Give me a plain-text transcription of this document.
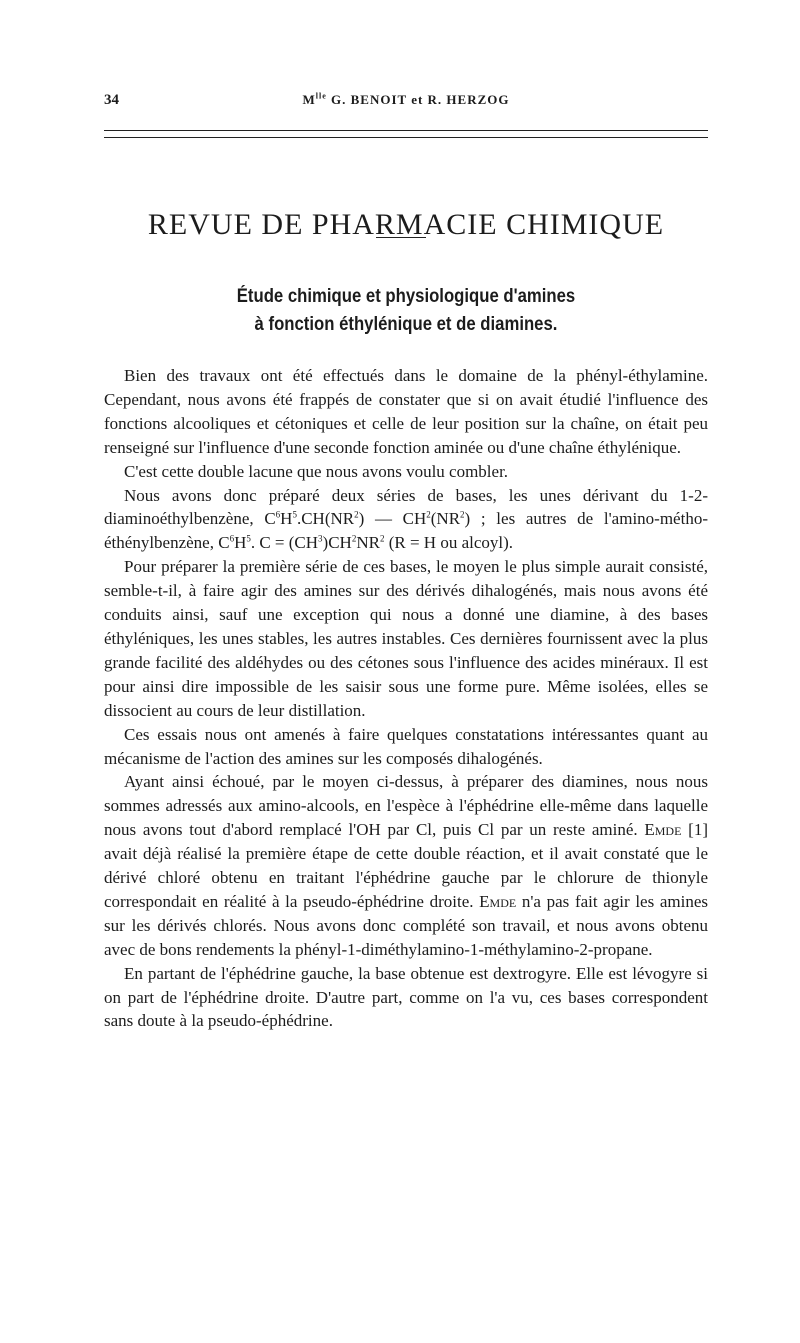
34	$M^{lle}$ G. BENOIT et R. HERZOG
REVUE DE PHARMACIE CHIMIQUE
Étude chimique et physiologique d'amines
à fonction éthylénique et de diamines.

Bien des travaux ont été effectués dans le domaine de la phényl-éthylamine. Cependant, nous avons été frappés de constater que si on avait étudié l'influence des fonctions alcooliques et cétoniques et celle de leur position sur la chaîne, on était peu renseigné sur l'influence d'une seconde fonction aminée ou d'une chaîne éthylénique.

C'est cette double lacune que nous avons voulu combler.

Nous avons donc préparé deux séries de bases, les unes dérivant du 1-2-diaminoéthylbenzène, $C^6H^5.CH(NR^2)$ — $CH^2(NR^2)$ ; les autres de l'amino-métho-éthénylbenzène, $C^6H^5$. $C = (CH^3)CH^2NR^2$ (R = H ou alcoyl).

Pour préparer la première série de ces bases, le moyen le plus simple aurait consisté, semble-t-il, à faire agir des amines sur des dérivés dihalogénés, mais nous avons été conduits ainsi, sauf une exception qui nous a donné une diamine, à des bases éthyléniques, les unes stables, les autres instables. Ces dernières fournissent avec la plus grande facilité des aldéhydes ou des cétones sous l'influence des acides minéraux. Il est pour ainsi dire impossible de les saisir sous une forme pure. Même isolées, elles se dissocient au cours de leur distillation.

Ces essais nous ont amenés à faire quelques constatations intéressantes quant au mécanisme de l'action des amines sur les composés dihalogénés.

Ayant ainsi échoué, par le moyen ci-dessus, à préparer des diamines, nous nous sommes adressés aux amino-alcools, en l'espèce à l'éphédrine elle-même dans laquelle nous avons tout d'abord remplacé l'OH par Cl, puis Cl par un reste aminé. Emde [1] avait déjà réalisé la première étape de cette double réaction, et il avait constaté que le dérivé chloré obtenu en traitant l'éphédrine gauche par le chlorure de thionyle correspondait en réalité à la pseudo-éphédrine droite. Emde n'a pas fait agir les amines sur les dérivés chlorés. Nous avons donc complété son travail, et nous avons obtenu avec de bons rendements la phényl-1-diméthylamino-1-méthylamino-2-propane.

En partant de l'éphédrine gauche, la base obtenue est dextrogyre. Elle est lévogyre si on part de l'éphédrine droite. D'autre part, comme on l'a vu, ces bases correspondent sans doute à la pseudo-éphédrine.
